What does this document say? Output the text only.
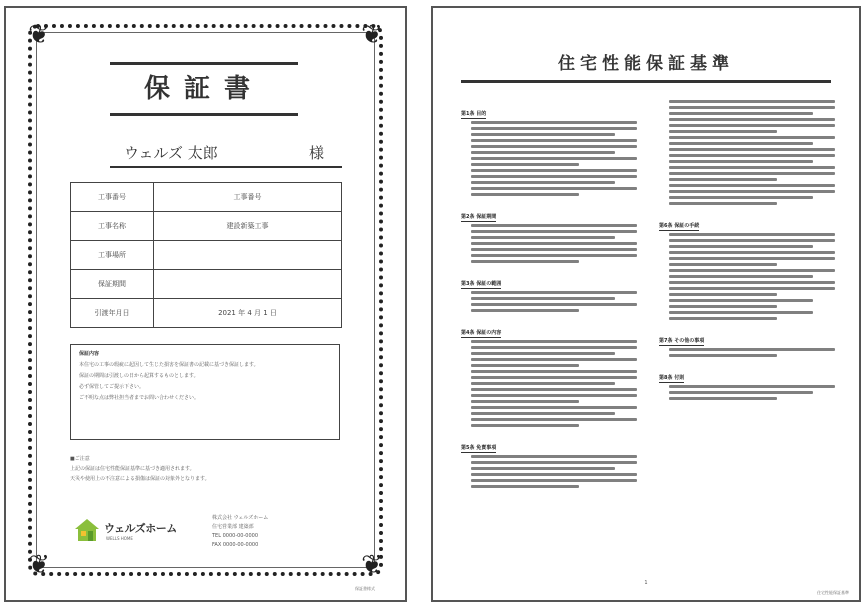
❦	❦
❦	❦
保証書
ウェルズ 太郎	様
工事番号	工事番号
工事名称	建設新築工事
工事場所	
保証期間	
引渡年月日	2021 年 4 月 1 日
保証内容
本住宅の工事の瑕疵に起因して生じた損害を保証書の記載に基づき保証します。
保証の期間は引渡しの日から起算するものとします。
必ず保管してご提示下さい。
ご不明な点は弊社担当者までお問い合わせください。
■ご注意
上記の保証は住宅性能保証基準に基づき適用されます。
天災や使用上の不注意による損傷は保証の対象外となります。
ウェルズホーム
WELLS HOME
株式会社 ウェルズホーム
住宅営業部 建築部
TEL 0000-00-0000
FAX 0000-00-0000
保証書様式
住宅性能保証基準
第1条 目的
第2条 保証期間
第3条 保証の範囲
第4条 保証の内容
第5条 免責事項
第6条 保証の手続
第7条 その他の事項
第8条 付則
1
住宅性能保証基準
